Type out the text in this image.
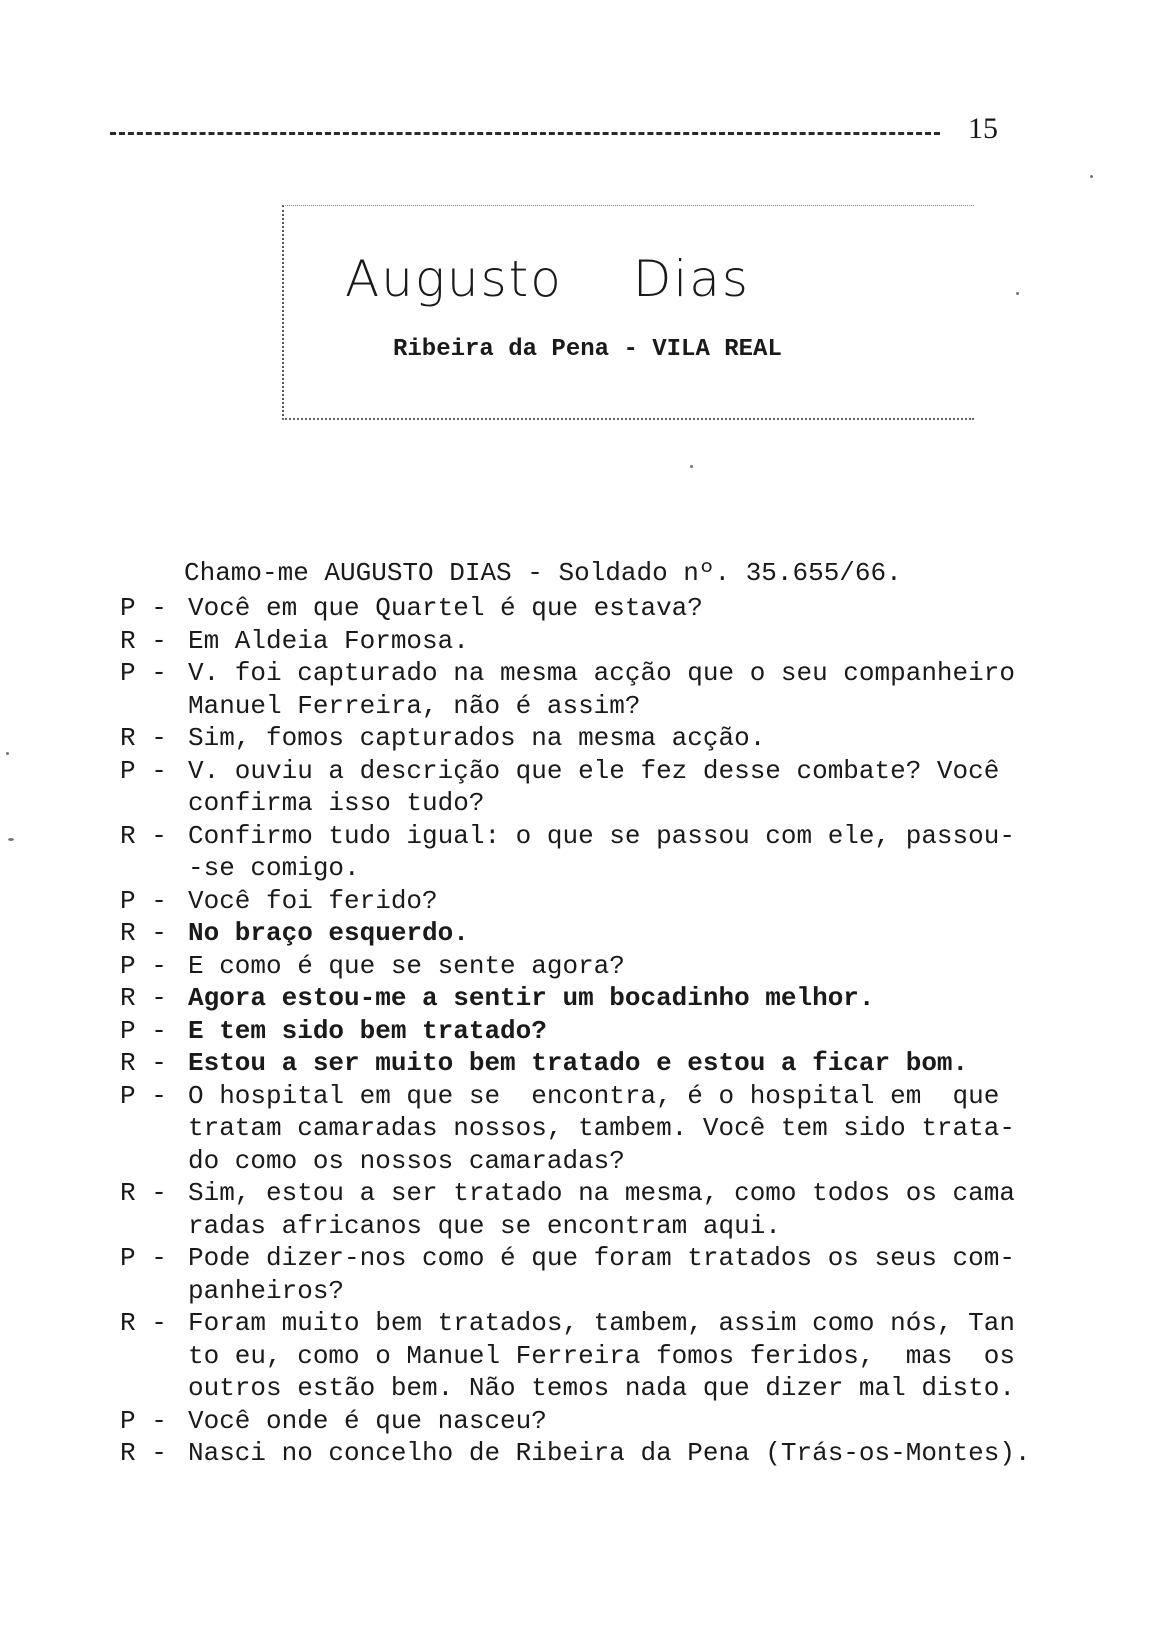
15
Augusto Dias
Ribeira da Pena - VILA REAL
Chamo-me AUGUSTO DIAS - Soldado nº. 35.655/66.
P - Você em que Quartel é que estava?
R - Em Aldeia Formosa.
P - V. foi capturado na mesma acção que o seu companheiro
Manuel Ferreira, não é assim?
R - Sim, fomos capturados na mesma acção.
P - V. ouviu a descrição que ele fez desse combate? Você
confirma isso tudo?
R - Confirmo tudo igual: o que se passou com ele, passou-
-se comigo.
P - Você foi ferido?
R - No braço esquerdo.
P - E como é que se sente agora?
R - Agora estou-me a sentir um bocadinho melhor.
P - E tem sido bem tratado?
R - Estou a ser muito bem tratado e estou a ficar bom.
P - O hospital em que se  encontra, é o hospital em  que
tratam camaradas nossos, tambem. Você tem sido trata-
do como os nossos camaradas?
R - Sim, estou a ser tratado na mesma, como todos os cama
radas africanos que se encontram aqui.
P - Pode dizer-nos como é que foram tratados os seus com-
panheiros?
R - Foram muito bem tratados, tambem, assim como nós, Tan
to eu, como o Manuel Ferreira fomos feridos,  mas  os
outros estão bem. Não temos nada que dizer mal disto.
P - Você onde é que nasceu?
R - Nasci no concelho de Ribeira da Pena (Trás-os-Montes).
